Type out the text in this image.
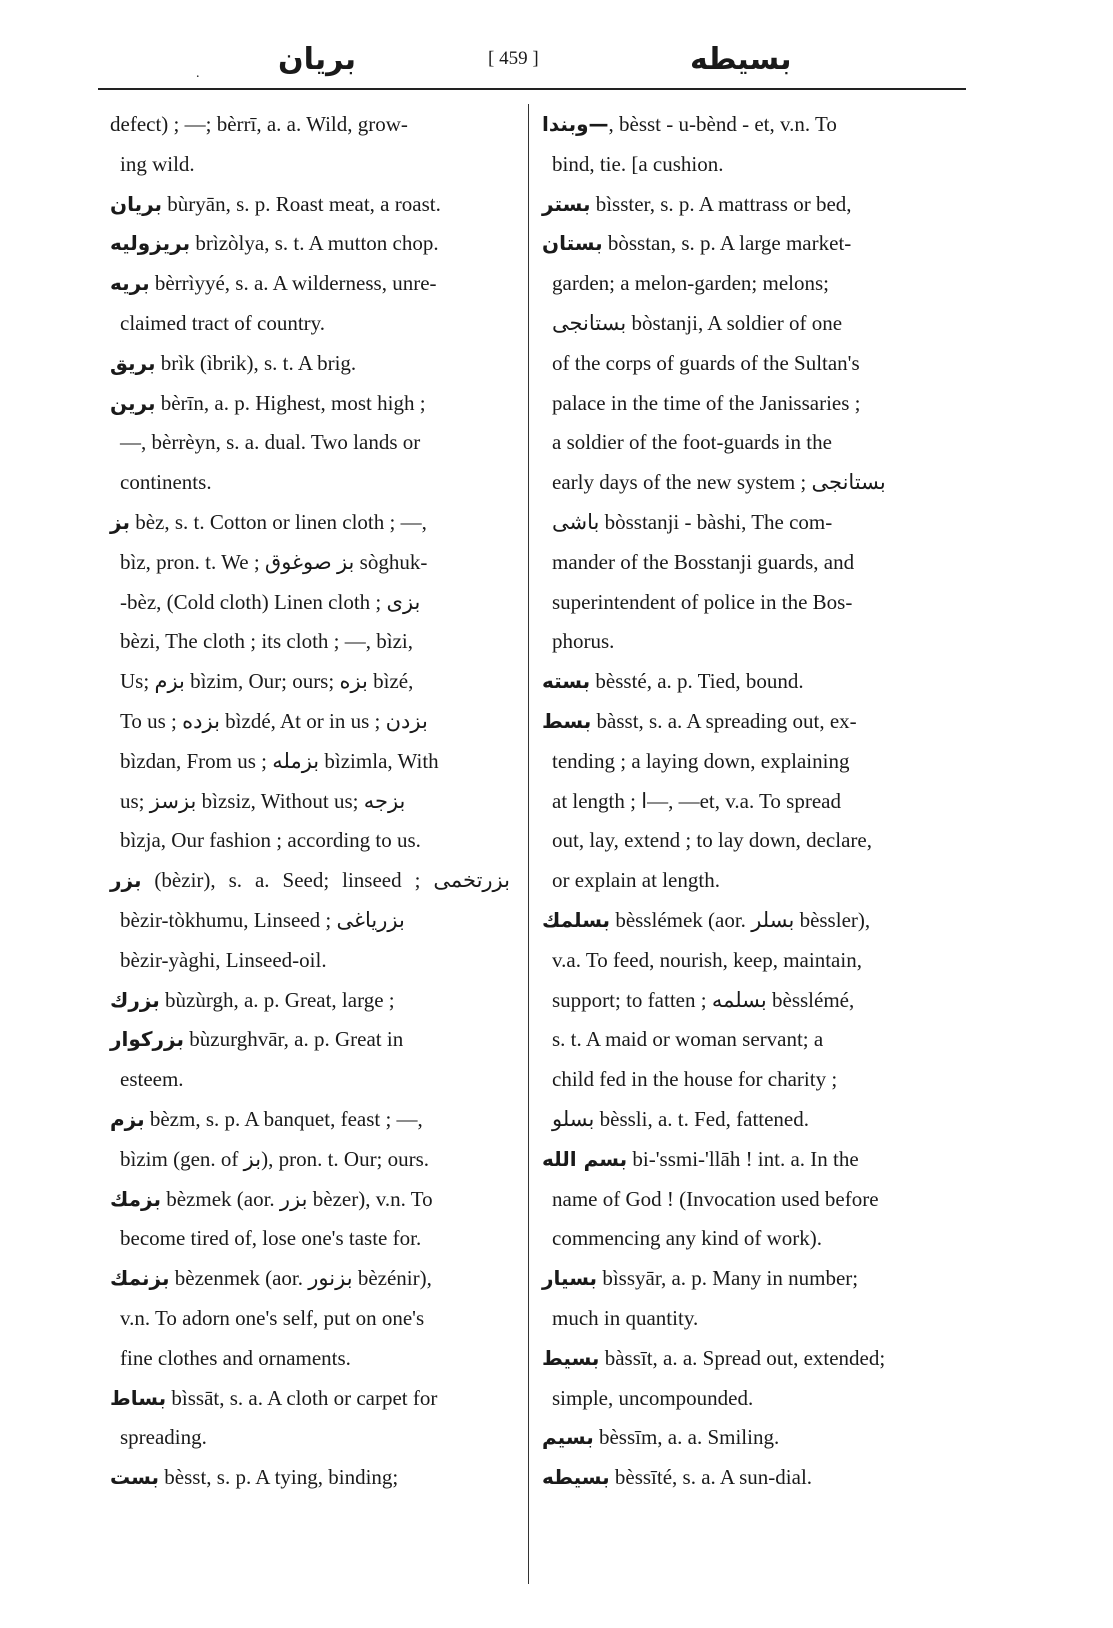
بریان
.
[ 459 ]	بسیطه
defect) ; —; bèrrī, a. a. Wild, grow-
ing wild.
بریان bùryān, s. p. Roast meat, a roast.
بریزولیه brìzòlya, s. t. A mutton chop.
بریه bèrrìyyé, s. a. A wilderness, unre-
claimed tract of country.
بریق brìk (ìbrik), s. t. A brig.
برین bèrīn, a. p. Highest, most high ;
—, bèrrèyn, s. a. dual. Two lands or
continents.
بز bèz, s. t. Cotton or linen cloth ; —,
bìz, pron. t. We ; بز صوغوق sòghuk-
-bèz, (Cold cloth) Linen cloth ; بزی
bèzi, The cloth ; its cloth ; —, bìzi,
Us; بزم bìzim, Our; ours; بزه bìzé,
To us ; بزده bìzdé, At or in us ; بزدن
bìzdan, From us ; بزمله bìzimla, With
us; بزسز bìzsiz, Without us; بزجه
bìzja, Our fashion ; according to us.
بزر (bèzir), s. a. Seed; linseed ; بزرتخمی
bèzir-tòkhumu, Linseed ; بزریاغی
bèzir-yàghi, Linseed-oil.
بزرك bùzùrgh, a. p. Great, large ;
بزركوار bùzurghvār, a. p. Great in
esteem.
بزم bèzm, s. p. A banquet, feast ; —,
bìzim (gen. of بز), pron. t. Our; ours.
بزمك bèzmek (aor. بزر bèzer), v.n. To
become tired of, lose one's taste for.
بزنمك bèzenmek (aor. بزنور bèzénir),
v.n. To adorn one's self, put on one's
fine clothes and ornaments.
بساط bìssāt, s. a. A cloth or carpet for
spreading.
بست bèsst, s. p. A tying, binding;
—وبندا, bèsst - u-bènd - et, v.n. To
bind, tie. [a cushion.
بستر bìsster, s. p. A mattrass or bed,
بستان bòsstan, s. p. A large market-
garden; a melon-garden; melons;
بستانجی bòstanji, A soldier of one
of the corps of guards of the Sultan's
palace in the time of the Janissaries ;
a soldier of the foot-guards in the
early days of the new system ; بستانجی
باشی bòsstanji - bàshi, The com-
mander of the Bosstanji guards, and
superintendent of police in the Bos-
phorus.
بسته bèssté, a. p. Tied, bound.
بسط bàsst, s. a. A spreading out, ex-
tending ; a laying down, explaining
at length ; ا—, —et, v.a. To spread
out, lay, extend ; to lay down, declare,
or explain at length.
بسلمك bèsslémek (aor. بسلر bèssler),
v.a. To feed, nourish, keep, maintain,
support; to fatten ; بسلمه bèsslémé,
s. t. A maid or woman servant; a
child fed in the house for charity ;
بسلو bèssli, a. t. Fed, fattened.
بسم الله bi-'ssmi-'llāh ! int. a. In the
name of God ! (Invocation used before
commencing any kind of work).
بسیار bìssyār, a. p. Many in number;
much in quantity.
بسیط bàssīt, a. a. Spread out, extended;
simple, uncompounded.
بسیم bèssīm, a. a. Smiling.
بسیطه bèssīté, s. a. A sun-dial.
